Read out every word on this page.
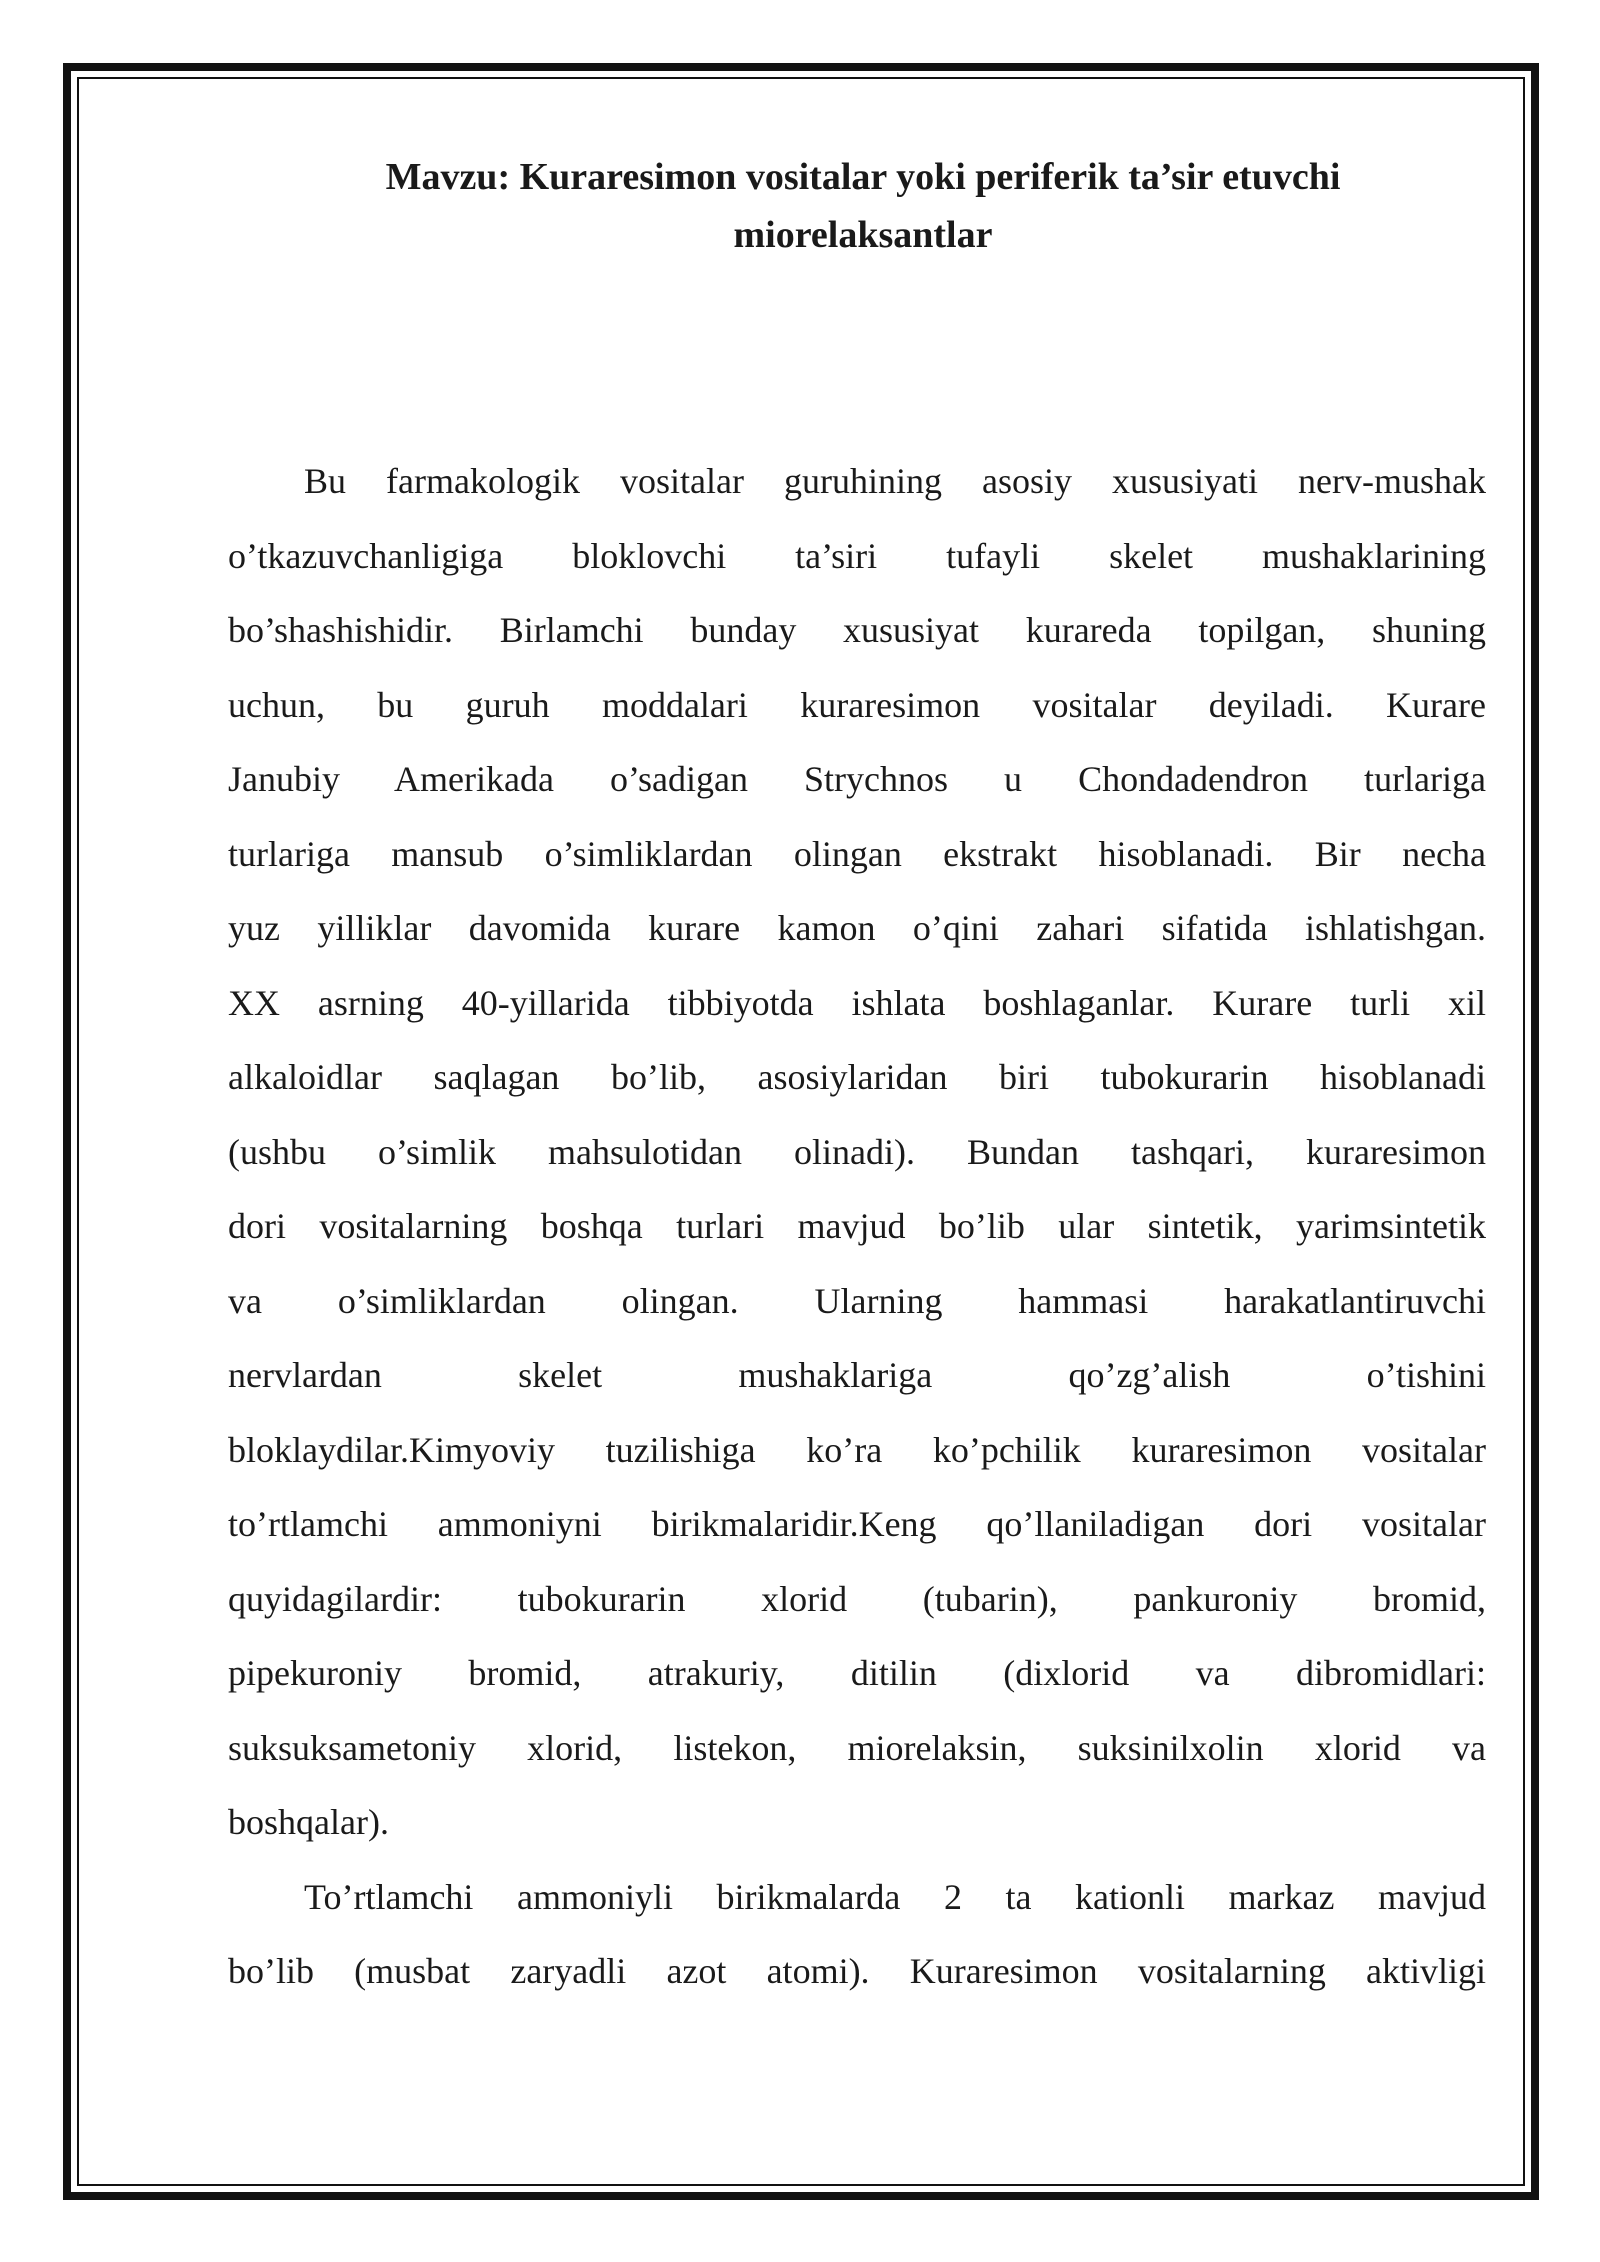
Mavzu: Kuraresimon vositalar yoki periferik ta’sir etuvchi
miorelaksantlar
Bu farmakologik vositalar guruhining asosiy xususiyati nerv-mushak
o’tkazuvchanligiga bloklovchi ta’siri tufayli skelet mushaklarining
bo’shashishidir. Birlamchi bunday xususiyat kurareda topilgan, shuning
uchun, bu guruh moddalari kuraresimon vositalar deyiladi. Kurare
Janubiy Amerikada o’sadigan Strychnos u Chondadendron turlariga
turlariga mansub o’simliklardan olingan ekstrakt hisoblanadi. Bir necha
yuz yilliklar davomida kurare kamon o’qini zahari sifatida ishlatishgan.
XX asrning 40-yillarida tibbiyotda ishlata boshlaganlar. Kurare turli xil
alkaloidlar saqlagan bo’lib, asosiylaridan biri tubokurarin hisoblanadi
(ushbu o’simlik mahsulotidan olinadi). Bundan tashqari, kuraresimon
dori vositalarning boshqa turlari mavjud bo’lib ular sintetik, yarimsintetik
va o’simliklardan olingan. Ularning hammasi harakatlantiruvchi
nervlardan skelet mushaklariga qo’zg’alish o’tishini
bloklaydilar.Kimyoviy tuzilishiga ko’ra ko’pchilik kuraresimon vositalar
to’rtlamchi ammoniyni birikmalaridir.Keng qo’llaniladigan dori vositalar
quyidagilardir: tubokurarin xlorid (tubarin), pankuroniy bromid,
pipekuroniy bromid, atrakuriy, ditilin (dixlorid va dibromidlari:
suksuksametoniy xlorid, listekon, miorelaksin, suksinilxolin xlorid va
boshqalar).
To’rtlamchi ammoniyli birikmalarda 2 ta kationli markaz mavjud
bo’lib (musbat zaryadli azot atomi). Kuraresimon vositalarning aktivligi
